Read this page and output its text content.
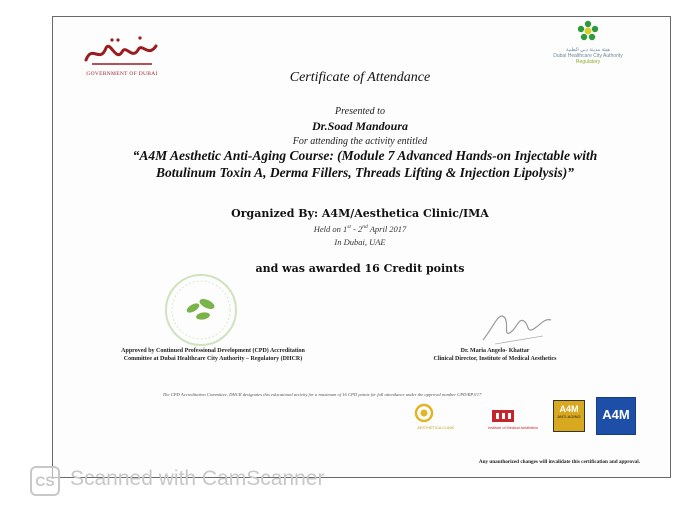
GOVERNMENT OF DUBAI
هيئة مدينة دبي الطبية
Dubai Healthcare City Authority
Regulatory
Certificate of Attendance
Presented to
Dr.Soad Mandoura
For attending the activity entitled
“A4M Aesthetic Anti-Aging Course: (Module 7 Advanced Hands-on Injectable with Botulinum Toxin A, Derma Fillers, Threads Lifting & Injection Lipolysis)”
Organized By: A4M/Aesthetica Clinic/IMA
Held on 1st - 2nd April 2017
In Dubai, UAE
and was awarded 16 Credit points
Approved by Continued Professional Development (CPD) Accreditation
Committee at Dubai Healthcare City Authority – Regulatory (DHCR)
Dr. Maria Angelo- Khattar
Clinical Director, Institute of Medical Aesthetics
The CPD Accreditation Committee, DHCR designates this educational activity for a maximum of 16 CPD points for full attendance under the approval number CPD/RP3/17
AESTHETICA CLINIC	Institute of Medical Aesthetics
A4M
ANTI-AGING	A4M
Any unauthorized changes will invalidate this certification and approval.
CS Scanned with CamScanner
